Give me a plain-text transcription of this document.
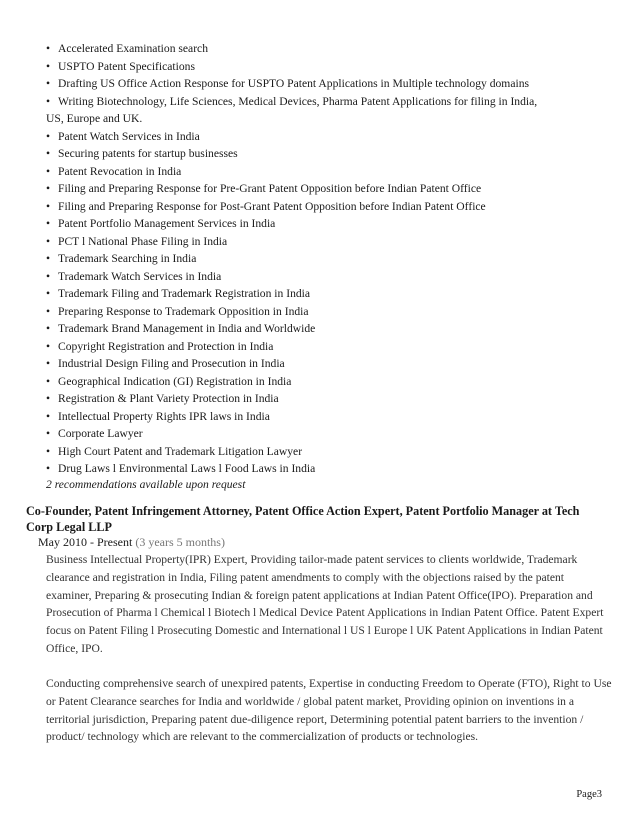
• Accelerated Examination search
• USPTO Patent Specifications
• Drafting US Office Action Response for USPTO Patent Applications in Multiple technology domains
• Writing Biotechnology, Life Sciences, Medical Devices, Pharma Patent Applications for filing in India,
US, Europe and UK.
• Patent Watch Services in India
• Securing patents for startup businesses
• Patent Revocation in India
• Filing and Preparing Response for Pre-Grant Patent Opposition before Indian Patent Office
• Filing and Preparing Response for Post-Grant Patent Opposition before Indian Patent Office
• Patent Portfolio Management Services in India
• PCT l National Phase Filing in India
• Trademark Searching in India
• Trademark Watch Services in India
• Trademark Filing and Trademark Registration in India
• Preparing Response to Trademark Opposition in India
• Trademark Brand Management in India and Worldwide
• Copyright Registration and Protection in India
• Industrial Design Filing and Prosecution in India
• Geographical Indication (GI) Registration in India
• Registration & Plant Variety Protection in India
• Intellectual Property Rights IPR laws in India
• Corporate Lawyer
• High Court Patent and Trademark Litigation Lawyer
• Drug Laws l Environmental Laws l Food Laws in India
2 recommendations available upon request
Co-Founder, Patent Infringement Attorney, Patent Office Action Expert, Patent Portfolio Manager at Tech Corp Legal LLP
May 2010 - Present (3 years 5 months)
Business Intellectual Property(IPR) Expert, Providing tailor-made patent services to clients worldwide, Trademark clearance and registration in India, Filing patent amendments to comply with the objections raised by the patent examiner, Preparing & prosecuting Indian & foreign patent applications at Indian Patent Office(IPO). Preparation and Prosecution of Pharma l Chemical l Biotech l Medical Device Patent Applications in Indian Patent Office. Patent Expert focus on Patent Filing l Prosecuting Domestic and International l US l Europe l UK Patent Applications in Indian Patent Office, IPO.
Conducting comprehensive search of unexpired patents, Expertise in conducting Freedom to Operate (FTO), Right to Use or Patent Clearance searches for India and worldwide / global patent market, Providing opinion on inventions in a territorial jurisdiction, Preparing patent due-diligence report, Determining potential patent barriers to the invention / product/ technology which are relevant to the commercialization of products or technologies.
Page3
